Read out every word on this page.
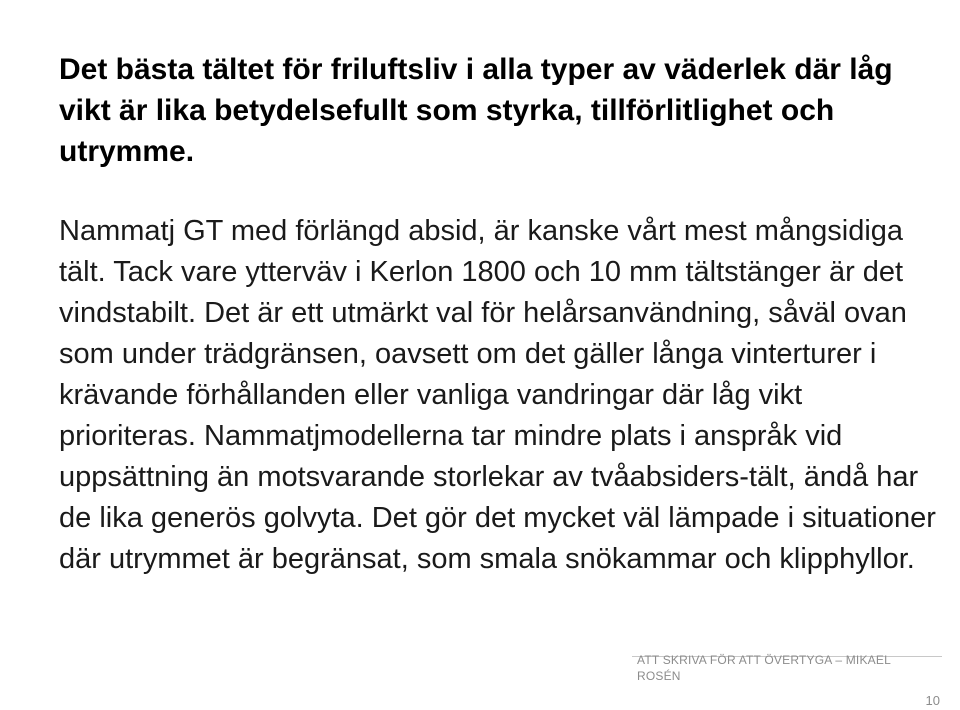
Det bästa tältet för friluftsliv i alla typer av väderlek där låg vikt är lika betydelsefullt som styrka, tillförlitlighet och utrymme.

Nammatj GT med förlängd absid, är kanske vårt mest mångsidiga tält. Tack vare ytterväv i Kerlon 1800 och 10 mm tältstänger är det vindstabilt. Det är ett utmärkt val för helårsanvändning, såväl ovan som under trädgränsen, oavsett om det gäller långa vinterturer i krävande förhållanden eller vanliga vandringar där låg vikt prioriteras. Nammatjmodellerna tar mindre plats i anspråk vid uppsättning än motsvarande storlekar av tvåabsiders-tält, ändå har de lika generös golvyta. Det gör det mycket väl lämpade i situationer där utrymmet är begränsat, som smala snökammar och klipphyllor.

ATT SKRIVA FÖR ATT ÖVERTYGA – MIKAEL ROSÉN
10
